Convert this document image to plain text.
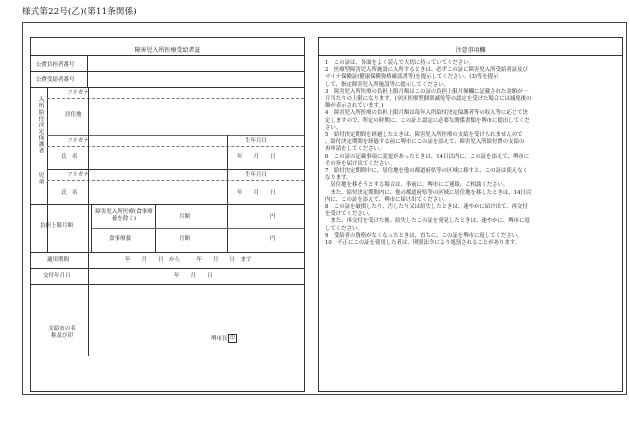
様式第22号(乙)(第11条関係)
障害児入所医療受給者証
公費負担者番号
公費受給者番号
入所給付決定保護者
フリガナ
居住地
フリガナ	生年月日
氏　名	年　　月　　日
児童	フリガナ	生年月日
氏　名	年　　月　　日
負担上限月額
障害児入所医療(食事療養を除く)	月額	円
食事療養	月額	円
適用期間	年　　月　　日　から　　　年　　月　　日　まで
交付年月日	年　　月　　日
支給市の名称及び印
堺市長 印
注意事項欄

1　この証は、各面をよく読んで大切に持っていてください。

2　医療型障害児入所施設に入所するときは、必ずこの証に障害児入所受給者証及び

マイナ保険証(健康保険資格確認書等)を提示してください。(3)等を提示

して、指定障害児入所施設等に提示してください。

3　障害児入所医療の負担上限月額はこの証の負担上限月額欄に記載された金額が一

月当たりの上限になります。(章区医療型個別減免等の認定を受けた場合には減免後の

額が表示されています。)

4　障害児入所医療の負担上限月額は毎年入所給付決定保護者等の収入等に応じて決

定しますので、所定の時期に、この証と認定に必要な関係書類を堺市に提出してくだ

さい。

5　給付決定期間を経過したときは、障害児入所医療の支給を受けられませんので

、給付決定期間を経過する前に堺市にこの証を添えて、障害児入所給付費の支給の

再申請をしてください。

6　この証の記載事項に変更があったときは、14日以内に、この証を添えて、堺市に

その旨を届け出てください。

7　給付決定期間中に、居住地を他の都道府県等の区域に移すと、この証は使えなく

なります。

　居住地を移そうとする場合は、事前に、堺市にご連絡、ご相談ください。

　また、給付決定期間内に、他の都道府県等の区域に居住地を移したときは、14日以

内に、この証を添えて、堺市に届け出てください。

8　この証を破損したり、汚したり又は紛失したときは、速やかに届け出て、再交付

を受けてください。

　また、再交付を受けた後、紛失したこの証を発見したときは、速やかに、堺市に返

してください。

9　受給者の資格がなくなったときは、直ちに、この証を堺市に返してください。

10　不正にこの証を使用した者は、刑罰法令により処罰されることがあります。
